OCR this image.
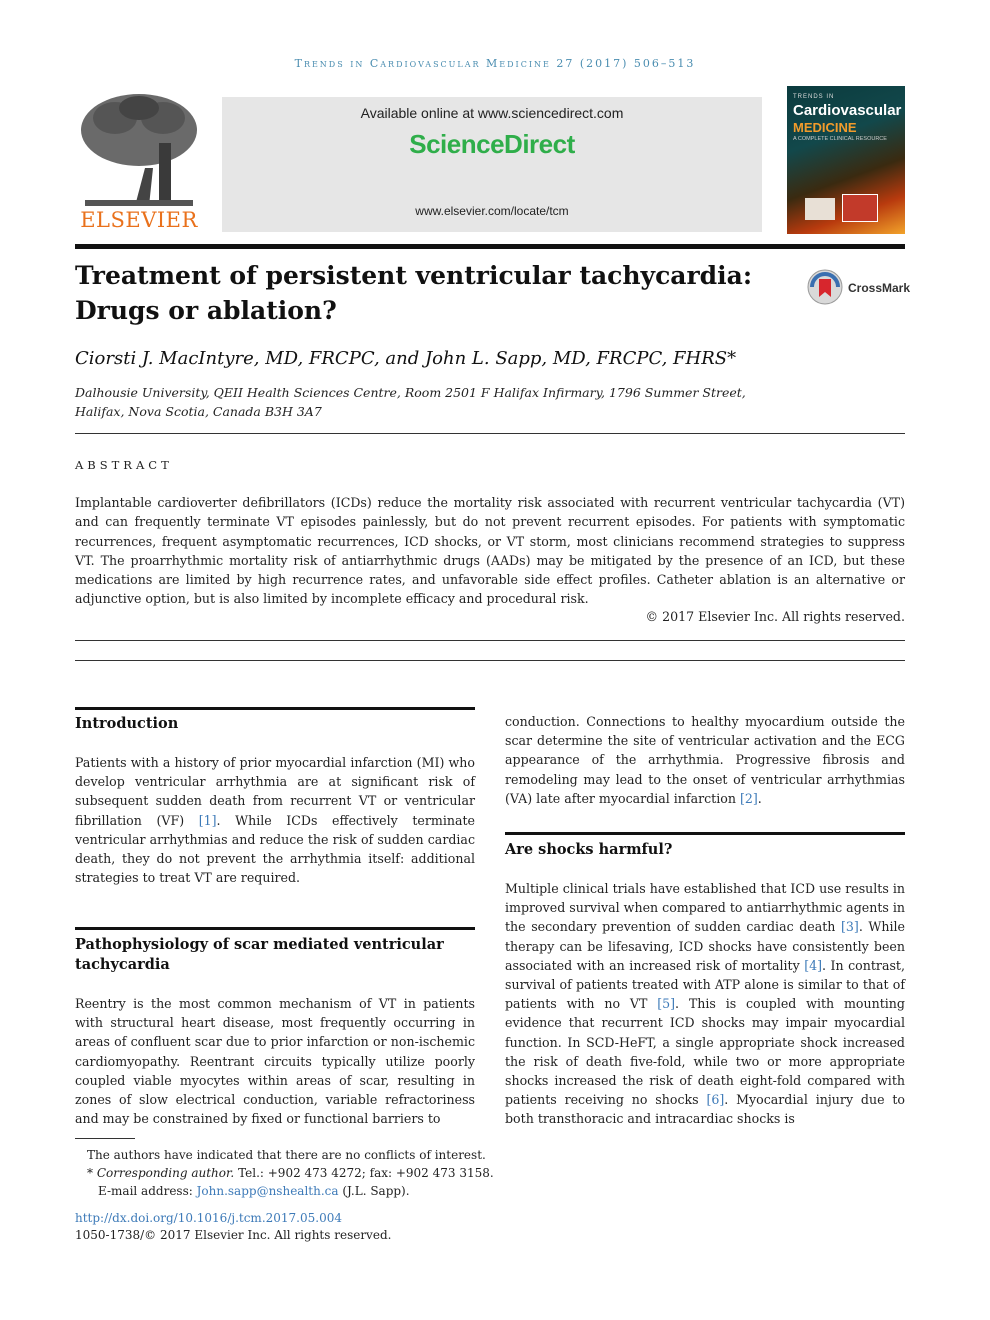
Trends in Cardiovascular Medicine 27 (2017) 506–513
ELSEVIER
Available online at www.sciencedirect.com
ScienceDirect
www.elsevier.com/locate/tcm
TRENDS IN
Cardiovascular
MEDICINE
A COMPLETE CLINICAL RESOURCE
Treatment of persistent ventricular tachycardia:
Drugs or ablation?
CrossMark
Ciorsti J. MacIntyre, MD, FRCPC, and John L. Sapp, MD, FRCPC, FHRS*
Dalhousie University, QEII Health Sciences Centre, Room 2501 F Halifax Infirmary, 1796 Summer Street, Halifax, Nova Scotia, Canada B3H 3A7
ABSTRACT
Implantable cardioverter defibrillators (ICDs) reduce the mortality risk associated with recurrent ventricular tachycardia (VT) and can frequently terminate VT episodes painlessly, but do not prevent recurrent episodes. For patients with symptomatic recurrences, frequent asymptomatic recurrences, ICD shocks, or VT storm, most clinicians recommend strategies to suppress VT. The proarrhythmic mortality risk of antiarrhythmic drugs (AADs) may be mitigated by the presence of an ICD, but these medications are limited by high recurrence rates, and unfavorable side effect profiles. Catheter ablation is an alternative or adjunctive option, but is also limited by incomplete efficacy and procedural risk.
© 2017 Elsevier Inc. All rights reserved.
Introduction
Patients with a history of prior myocardial infarction (MI) who develop ventricular arrhythmia are at significant risk of subsequent sudden death from recurrent VT or ventricular fibrillation (VF) [1]. While ICDs effectively terminate ventricular arrhythmias and reduce the risk of sudden cardiac death, they do not prevent the arrhythmia itself: additional strategies to treat VT are required.
Pathophysiology of scar mediated ventricular tachycardia
Reentry is the most common mechanism of VT in patients with structural heart disease, most frequently occurring in areas of confluent scar due to prior infarction or non-ischemic cardiomyopathy. Reentrant circuits typically utilize poorly coupled viable myocytes within areas of scar, resulting in zones of slow electrical conduction, variable refractoriness and may be constrained by fixed or functional barriers to
conduction. Connections to healthy myocardium outside the scar determine the site of ventricular activation and the ECG appearance of the arrhythmia. Progressive fibrosis and remodeling may lead to the onset of ventricular arrhythmias (VA) late after myocardial infarction [2].
Are shocks harmful?
Multiple clinical trials have established that ICD use results in improved survival when compared to antiarrhythmic agents in the secondary prevention of sudden cardiac death [3]. While therapy can be lifesaving, ICD shocks have consistently been associated with an increased risk of mortality [4]. In contrast, survival of patients treated with ATP alone is similar to that of patients with no VT [5]. This is coupled with mounting evidence that recurrent ICD shocks may impair myocardial function. In SCD-HeFT, a single appropriate shock increased the risk of death five-fold, while two or more appropriate shocks increased the risk of death eight-fold compared with patients receiving no shocks [6]. Myocardial injury due to both transthoracic and intracardiac shocks is
The authors have indicated that there are no conflicts of interest.
* Corresponding author. Tel.: +902 473 4272; fax: +902 473 3158.
E-mail address: John.sapp@nshealth.ca (J.L. Sapp).
http://dx.doi.org/10.1016/j.tcm.2017.05.004
1050-1738/© 2017 Elsevier Inc. All rights reserved.
